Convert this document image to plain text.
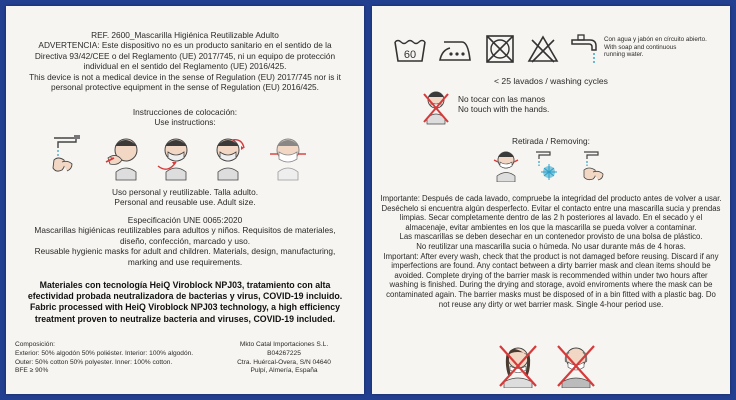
REF. 2600_Mascarilla Higiénica Reutilizable Adulto

ADVERTENCIA: Este dispositivo no es un producto sanitario en el sentido de la

Directiva 93/42/CEE o del Reglamento (UE) 2017/745, ni un equipo de protección

individual en el sentido del Reglamento (UE) 2016/425.

This device is not a medical device in the sense of Regulation (EU) 2017/745 nor is it

personal protective equipment in the sense of Regulation (EU) 2016/425.

Instrucciones de colocación:

Use instructions:

Uso personal y reutilizable. Talla adulto.

Personal and reusable use. Adult size.

Especificación UNE 0065:2020

Mascarillas higiénicas reutilizables para adultos y niños. Requisitos de materiales,

diseño, confección, marcado y uso.

Reusable hygienic masks for adult and children. Materials, design, manufacturing,

marking and use requirements.

Materiales con tecnología HeiQ Viroblock NPJ03, tratamiento con alta

efectividad probada neutralizadora de bacterias y virus, COVID-19 incluido.

Fabric processed with HeiQ Viroblock NPJ03 technology, a high efficiency

treatment proven to neutralize bacteria and viruses, COVID-19 included.

Composición:

Exterior: 50% algodón 50% poliéster. Interior: 100% algodón.

Outer: 50% cotton 50% polyester. Inner: 100% cotton.

BFE ≥ 90%

Mkto Catal Importaciones S.L.

B04267225

Ctra. Huércal-Overa, S/N 04640

Pulpí, Almería, España

60

Con agua y jabón en círcuito abierto.

With soap and continuous

running water.

< 25 lavados / washing cycles

No tocar con las manos

No touch with the hands.

Retirada / Removing:

Importante: Después de cada lavado, compruebe la integridad del producto antes de volver a usar. Deséchelo si encuentra algún desperfecto. Evitar el contacto entre una mascarilla sucia y prendas limpias. Secar completamente dentro de las 2 h posteriores al lavado. En el secado y el almacenaje, evitar ambientes en los que la mascarilla se pueda volver a contaminar.

Las mascarillas se deben desechar en un contenedor provisto de una bolsa de plástico.

No reutilizar una mascarilla sucia o húmeda. No usar durante más de 4 horas.

Important: After every wash, check that the product is not damaged before reusing. Discard if any imperfections are found. Any contact between a dirty barrier mask and clean items should be avoided. Complete drying of the barrier mask is recommended within under two hours after washing is finished. During the drying and storage, avoid enviroments where the mask can be contaminated again. The barrier masks must be disposed of in a bin fitted with a plastic bag. Do not reuse any dirty or wet barrier mask. Single 4-hour period use.
